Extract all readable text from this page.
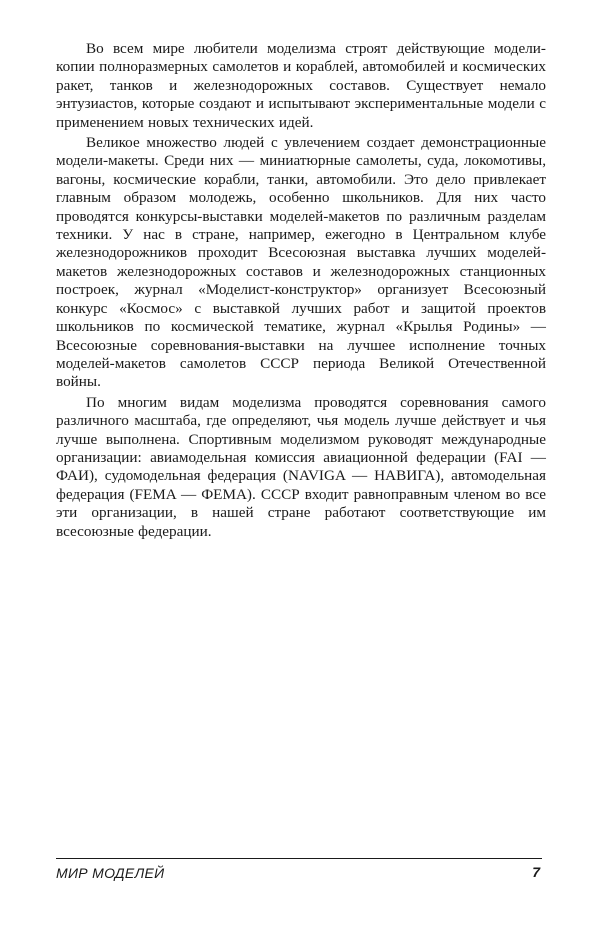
Во всем мире любители моделизма строят действующие модели-копии полноразмерных самолетов и кораблей, автомобилей и космических ракет, танков и железнодорожных составов. Существует немало энтузиастов, которые создают и испытывают экспериментальные модели с применением новых технических идей.

Великое множество людей с увлечением создает демонстрационные модели-макеты. Среди них — миниатюрные самолеты, суда, локомотивы, вагоны, космические корабли, танки, автомобили. Это дело привлекает главным образом молодежь, особенно школьников. Для них часто проводятся конкурсы-выставки моделей-макетов по различным разделам техники. У нас в стране, например, ежегодно в Центральном клубе железнодорожников проходит Всесоюзная выставка лучших моделей-макетов железнодорожных составов и железнодорожных станционных построек, журнал «Моделист-конструктор» организует Всесоюзный конкурс «Космос» с выставкой лучших работ и защитой проектов школьников по космической тематике, журнал «Крылья Родины» — Всесоюзные соревнования-выставки на лучшее исполнение точных моделей-макетов самолетов СССР периода Великой Отечественной войны.

По многим видам моделизма проводятся соревнования самого различного масштаба, где определяют, чья модель лучше действует и чья лучше выполнена. Спортивным моделизмом руководят международные организации: авиамодельная комиссия авиационной федерации (FAI — ФАИ), судомодельная федерация (NAVIGA — НАВИГА), автомодельная федерация (FEMA — ФЕМА). СССР входит равноправным членом во все эти организации, в нашей стране работают соответствующие им всесоюзные федерации.

МИР МОДЕЛЕЙ	7
